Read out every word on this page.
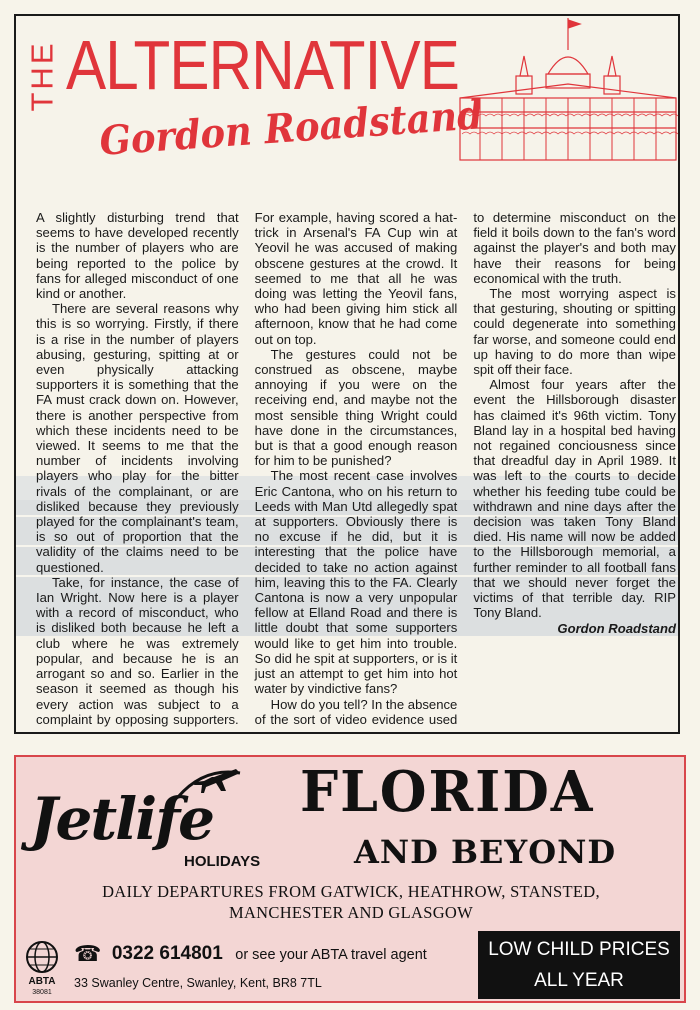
THE ALTERNATIVE
Gordon Roadstand

A slightly disturbing trend that seems to have developed recently is the number of players who are being reported to the police by fans for alleged misconduct of one kind or another.

There are several reasons why this is so worrying. Firstly, if there is a rise in the number of players abusing, gesturing, spitting at or even physically attacking supporters it is something that the FA must crack down on. However, there is another perspective from which these incidents need to be viewed. It seems to me that the number of incidents involving players who play for the bitter rivals of the complainant, or are disliked because they previously played for the complainant's team, is so out of proportion that the validity of the claims need to be questioned.

Take, for instance, the case of Ian Wright. Now here is a player with a record of misconduct, who is disliked both because he left a club where he was extremely popular, and because he is an arrogant so and so. Earlier in the season it seemed as though his every action was subject to a complaint by opposing supporters. For example, having scored a hat-trick in Arsenal's FA Cup win at Yeovil he was accused of making obscene gestures at the crowd. It seemed to me that all he was doing was letting the Yeovil fans, who had been giving him stick all afternoon, know that he had come out on top.

The gestures could not be construed as obscene, maybe annoying if you were on the receiving end, and maybe not the most sensible thing Wright could have done in the circumstances, but is that a good enough reason for him to be punished?

The most recent case involves Eric Cantona, who on his return to Leeds with Man Utd allegedly spat at supporters. Obviously there is no excuse if he did, but it is interesting that the police have decided to take no action against him, leaving this to the FA. Clearly Cantona is now a very unpopular fellow at Elland Road and there is little doubt that some supporters would like to get him into trouble. So did he spit at supporters, or is it just an attempt to get him into hot water by vindictive fans?

How do you tell? In the absence of the sort of video evidence used to determine misconduct on the field it boils down to the fan's word against the player's and both may have their reasons for being economical with the truth.

The most worrying aspect is that gesturing, shouting or spitting could degenerate into something far worse, and someone could end up having to do more than wipe spit off their face.

Almost four years after the event the Hillsborough disaster has claimed it's 96th victim. Tony Bland lay in a hospital bed having not regained conciousness since that dreadful day in April 1989. It was left to the courts to decide whether his feeding tube could be withdrawn and nine days after the decision was taken Tony Bland died. His name will now be added to the Hillsborough memorial, a further reminder to all football fans that we should never forget the victims of that terrible day. RIP Tony Bland.

Gordon Roadstand
Jetlife
HOLIDAYS
FLORIDA
AND BEYOND
DAILY DEPARTURES FROM GATWICK, HEATHROW, STANSTED,
MANCHESTER AND GLASGOW
ABTA
38081
☎ 0322 614801 or see your ABTA travel agent
33 Swanley Centre, Swanley, Kent, BR8 7TL
LOW CHILD PRICES
ALL YEAR
